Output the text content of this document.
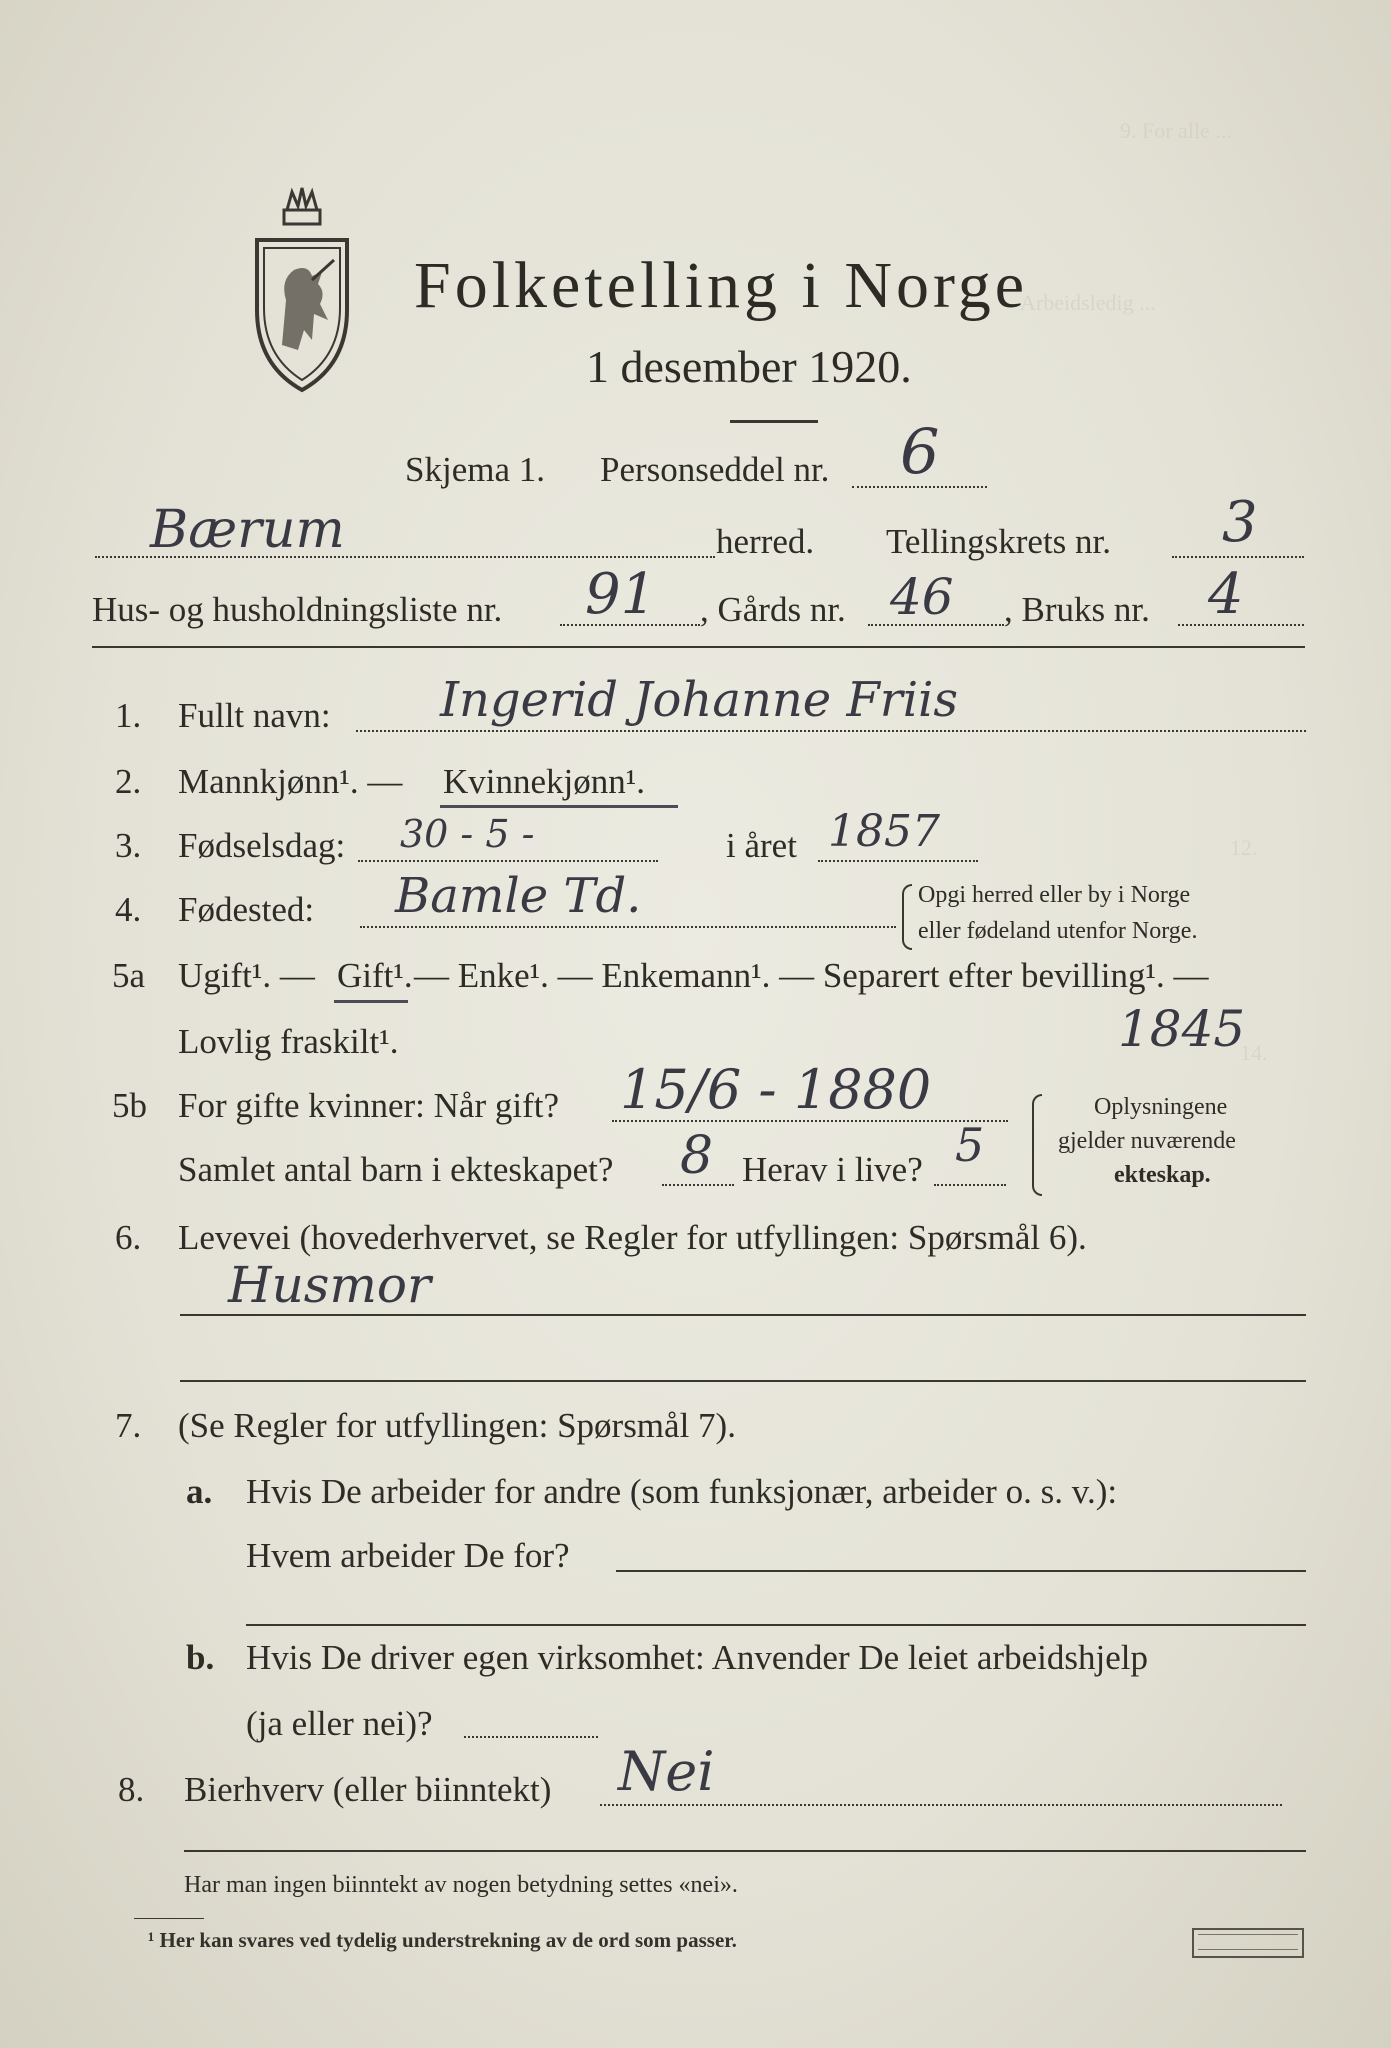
9. For alle ...
Arbeidsledig ...
12.
14.
Folketelling i Norge
1 desember 1920.
Skjema 1. Personseddel nr. 6
Bærum	herred. Tellingskrets nr. 3
Hus- og husholdningsliste nr. 91 , Gårds nr. 46 , Bruks nr. 4
1. Fullt navn: Ingerid Johanne Friis
2. Mannkjønn¹. — Kvinnekjønn¹.
3. Fødselsdag: 30 - 5 -	i året 1857
4. Fødested: Bamle Td.	Opgi herred eller by i Norge
eller fødeland utenfor Norge.
5a Ugift¹. — Gift¹. — Enke¹. — Enkemann¹. — Separert efter bevilling¹. —
Lovlig fraskilt¹.	1845
5b For gifte kvinner: Når gift? 15/6 - 1880
Samlet antal barn i ekteskapet? 8 Herav i live? 5
Oplysningene
gjelder nuværende
ekteskap.
6. Levevei (hovederhvervet, se Regler for utfyllingen: Spørsmål 6).
Husmor
7. (Se Regler for utfyllingen: Spørsmål 7).
a. Hvis De arbeider for andre (som funksjonær, arbeider o. s. v.):
Hvem arbeider De for?
b. Hvis De driver egen virksomhet: Anvender De leiet arbeidshjelp
(ja eller nei)?
8. Bierhverv (eller biinntekt) Nei
Har man ingen biinntekt av nogen betydning settes «nei».
¹ Her kan svares ved tydelig understrekning av de ord som passer.
